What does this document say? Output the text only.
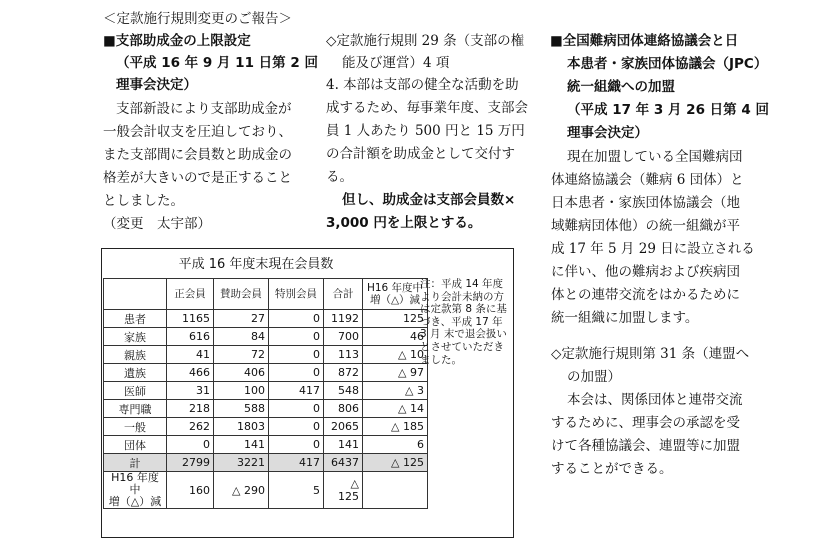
＜定款施行規則変更のご報告＞
■支部助成金の上限設定
（平成 16 年 9 月 11 日第 2 回
理事会決定）
支部新設により支部助成金が
一般会計収支を圧迫しており、
また支部間に会員数と助成金の
格差が大きいので是正すること
としました。
（変更　太宇部）
◇定款施行規則 29 条（支部の権
能及び運営）4 項
4. 本部は支部の健全な活動を助
成するため、毎事業年度、支部会
員 1 人あたり 500 円と 15 万円
の合計額を助成金として交付す
る。
但し、助成金は支部会員数×
3,000 円を上限とする。
■全国難病団体連絡協議会と日
本患者・家族団体協議会（JPC）
統一組織への加盟
（平成 17 年 3 月 26 日第 4 回
理事会決定）
現在加盟している全国難病団
体連絡協議会（難病 6 団体）と
日本患者・家族団体協議会（地
域難病団体他）の統一組織が平
成 17 年 5 月 29 日に設立される
に伴い、他の難病および疾病団
体との連帯交流をはかるために
統一組織に加盟します。
◇定款施行規則第 31 条（連盟へ
の加盟）
本会は、関係団体と連帯交流
するために、理事会の承認を受
けて各種協議会、連盟等に加盟
することができる。
平成 16 年度末現在会員数
	正会員	賛助会員	特別会員	合計	H16 年度中
増（△）減
患者	1165	27	0	1192	125
家族	616	84	0	700	46
親族	41	72	0	113	△ 10
遺族	466	406	0	872	△ 97
医師	31	100	417	548	△ 3
専門職	218	588	0	806	△ 14
一般	262	1803	0	2065	△ 185
団体	0	141	0	141	6
計	2799	3221	417	6437	△ 125
H16 年度中
増（△）減	160	△ 290	5	△ 125	
注：平成 14 年度より会計未納の方は定款第 8 条に基づき、平成 17 年 3 月 末で退会扱いとさせていただきました。
